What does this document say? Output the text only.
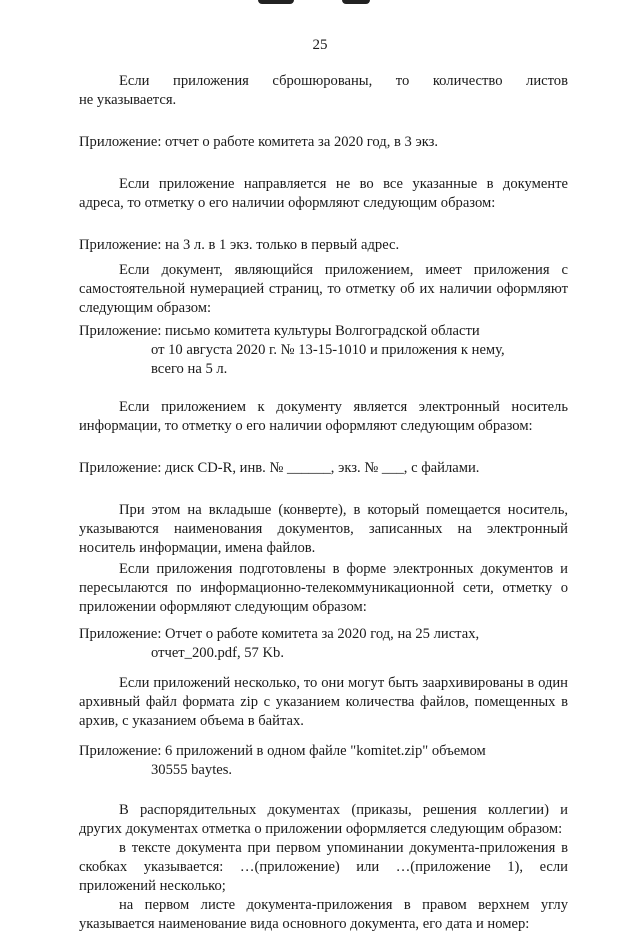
25

Если приложения сброшюрованы, то количество листов

не указывается.

Приложение: отчет о работе комитета за 2020 год, в 3 экз.

Если приложение направляется не во все указанные в документе адреса, то отметку о его наличии оформляют следующим образом:

Приложение: на 3 л. в 1 экз. только в первый адрес.

Если документ, являющийся приложением, имеет приложения с самостоятельной нумерацией страниц, то отметку об их наличии оформляют следующим образом:

Приложение: письмо комитета культуры Волгоградской области

от 10 августа 2020 г. № 13-15-1010 и приложения к нему,

всего на 5 л.

Если приложением к документу является электронный носитель информации, то отметку о его наличии оформляют следующим образом:

Приложение: диск CD-R, инв. № ______, экз. № ___, с файлами.

При этом на вкладыше (конверте), в который помещается носитель, указываются наименования документов, записанных на электронный носитель информации, имена файлов.

Если приложения подготовлены в форме электронных документов и пересылаются по информационно-телекоммуникационной сети, отметку о приложении оформляют следующим образом:

Приложение: Отчет о работе комитета за 2020 год, на 25 листах,

отчет_200.pdf, 57 Kb.

Если приложений несколько, то они могут быть заархивированы в один архивный файл формата zip с указанием количества файлов, помещенных в архив, с указанием объема в байтах.

Приложение: 6 приложений в одном файле "komitet.zip" объемом

30555 baytes.

В распорядительных документах (приказы, решения коллегии) и других документах отметка о приложении оформляется следующим образом:

в тексте документа при первом упоминании документа-приложения в скобках указывается: …(приложение) или …(приложение 1), если приложений несколько;

на первом листе документа-приложения в правом верхнем углу указывается наименование вида основного документа, его дата и номер:
